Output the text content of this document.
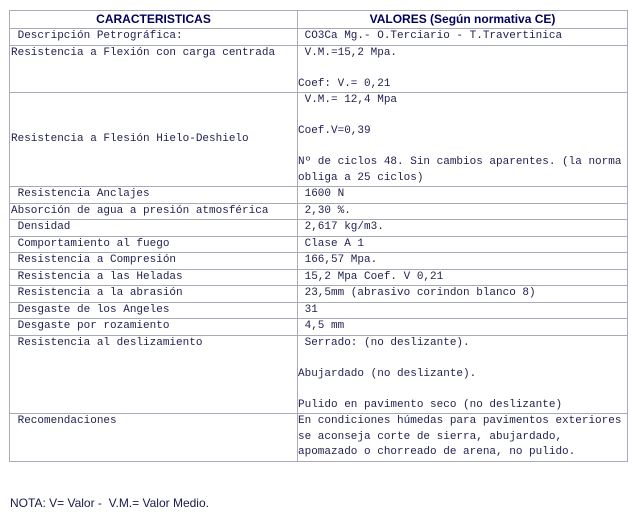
CARACTERISTICAS	VALORES (Según normativa CE)

Descripción Petrográfica:	CO3Ca Mg.- O.Terciario - T.Travertinica

Resistencia a Flexión con carga centrada	V.M.=15,2 Mpa.
Coef: V.= 0,21

Resistencia a Flesión Hielo-Deshielo	V.M.= 12,4 Mpa
Coef.V=0,39
Nº de ciclos 48. Sin cambios aparentes. (la norma obliga a 25 ciclos)

Resistencia Anclajes	1600 N

Absorción de agua a presión atmosférica	2,30 %.

Densidad	2,617 kg/m3.

Comportamiento al fuego	Clase A 1

Resistencia a Compresión	166,57 Mpa.

Resistencia a las Heladas	15,2 Mpa Coef. V 0,21

Resistencia a la abrasión	23,5mm (abrasivo corindon blanco 8)

Desgaste de los Angeles	31

Desgaste por rozamiento	4,5 mm

Resistencia al deslizamiento	Serrado: (no deslizante).
Abujardado (no deslizante).
Pulido en pavimento seco (no deslizante)

Recomendaciones	En condiciones húmedas para pavimentos exteriores se aconseja corte de sierra, abujardado, apomazado o chorreado de arena, no pulido.
NOTA: V= Valor -  V.M.= Valor Medio.
